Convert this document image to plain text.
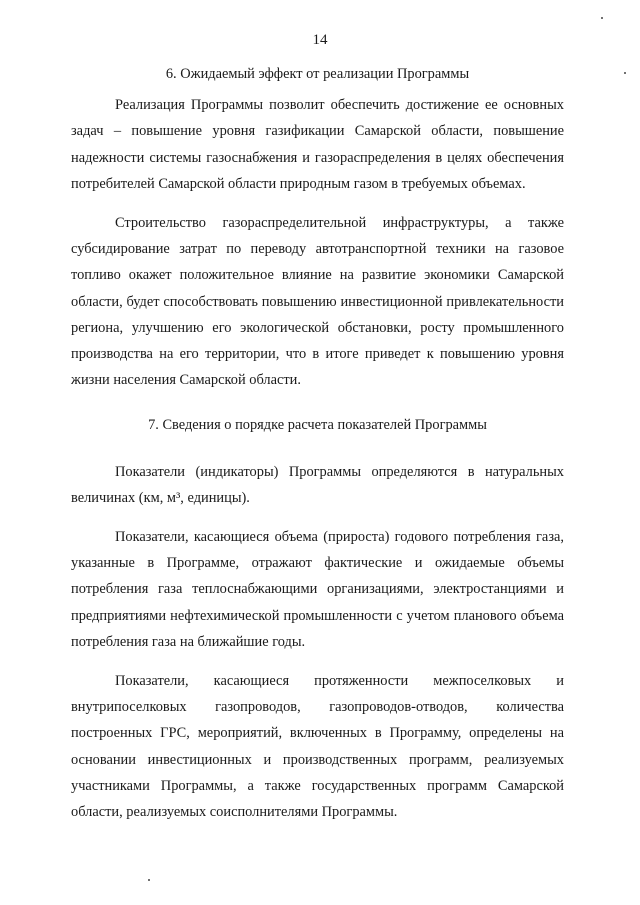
14
6. Ожидаемый эффект от реализации Программы

Реализация Программы позволит обеспечить достижение ее основных задач – повышение уровня газификации Самарской области, повышение надежности системы газоснабжения и газораспределения в целях обеспечения потребителей Самарской области природным газом в требуемых объемах.

Строительство газораспределительной инфраструктуры, а также субсидирование затрат по переводу автотранспортной техники на газовое топливо окажет положительное влияние на развитие экономики Самарской области, будет способствовать повышению инвестиционной привлекательности региона, улучшению его экологической обстановки, росту промышленного производства на его территории, что в итоге приведет к повышению уровня жизни населения Самарской области.

7. Сведения о порядке расчета показателей Программы

Показатели (индикаторы) Программы определяются в натуральных величинах (км, м³, единицы).

Показатели, касающиеся объема (прироста) годового потребления газа, указанные в Программе, отражают фактические и ожидаемые объемы потребления газа теплоснабжающими организациями, электростанциями и предприятиями нефтехимической промышленности с учетом планового объема потребления газа на ближайшие годы.

Показатели, касающиеся протяженности межпоселковых и внутрипоселковых газопроводов, газопроводов-отводов, количества построенных ГРС, мероприятий, включенных в Программу, определены на основании инвестиционных и производственных программ, реализуемых участниками Программы, а также государственных программ Самарской области, реализуемых соисполнителями Программы.
